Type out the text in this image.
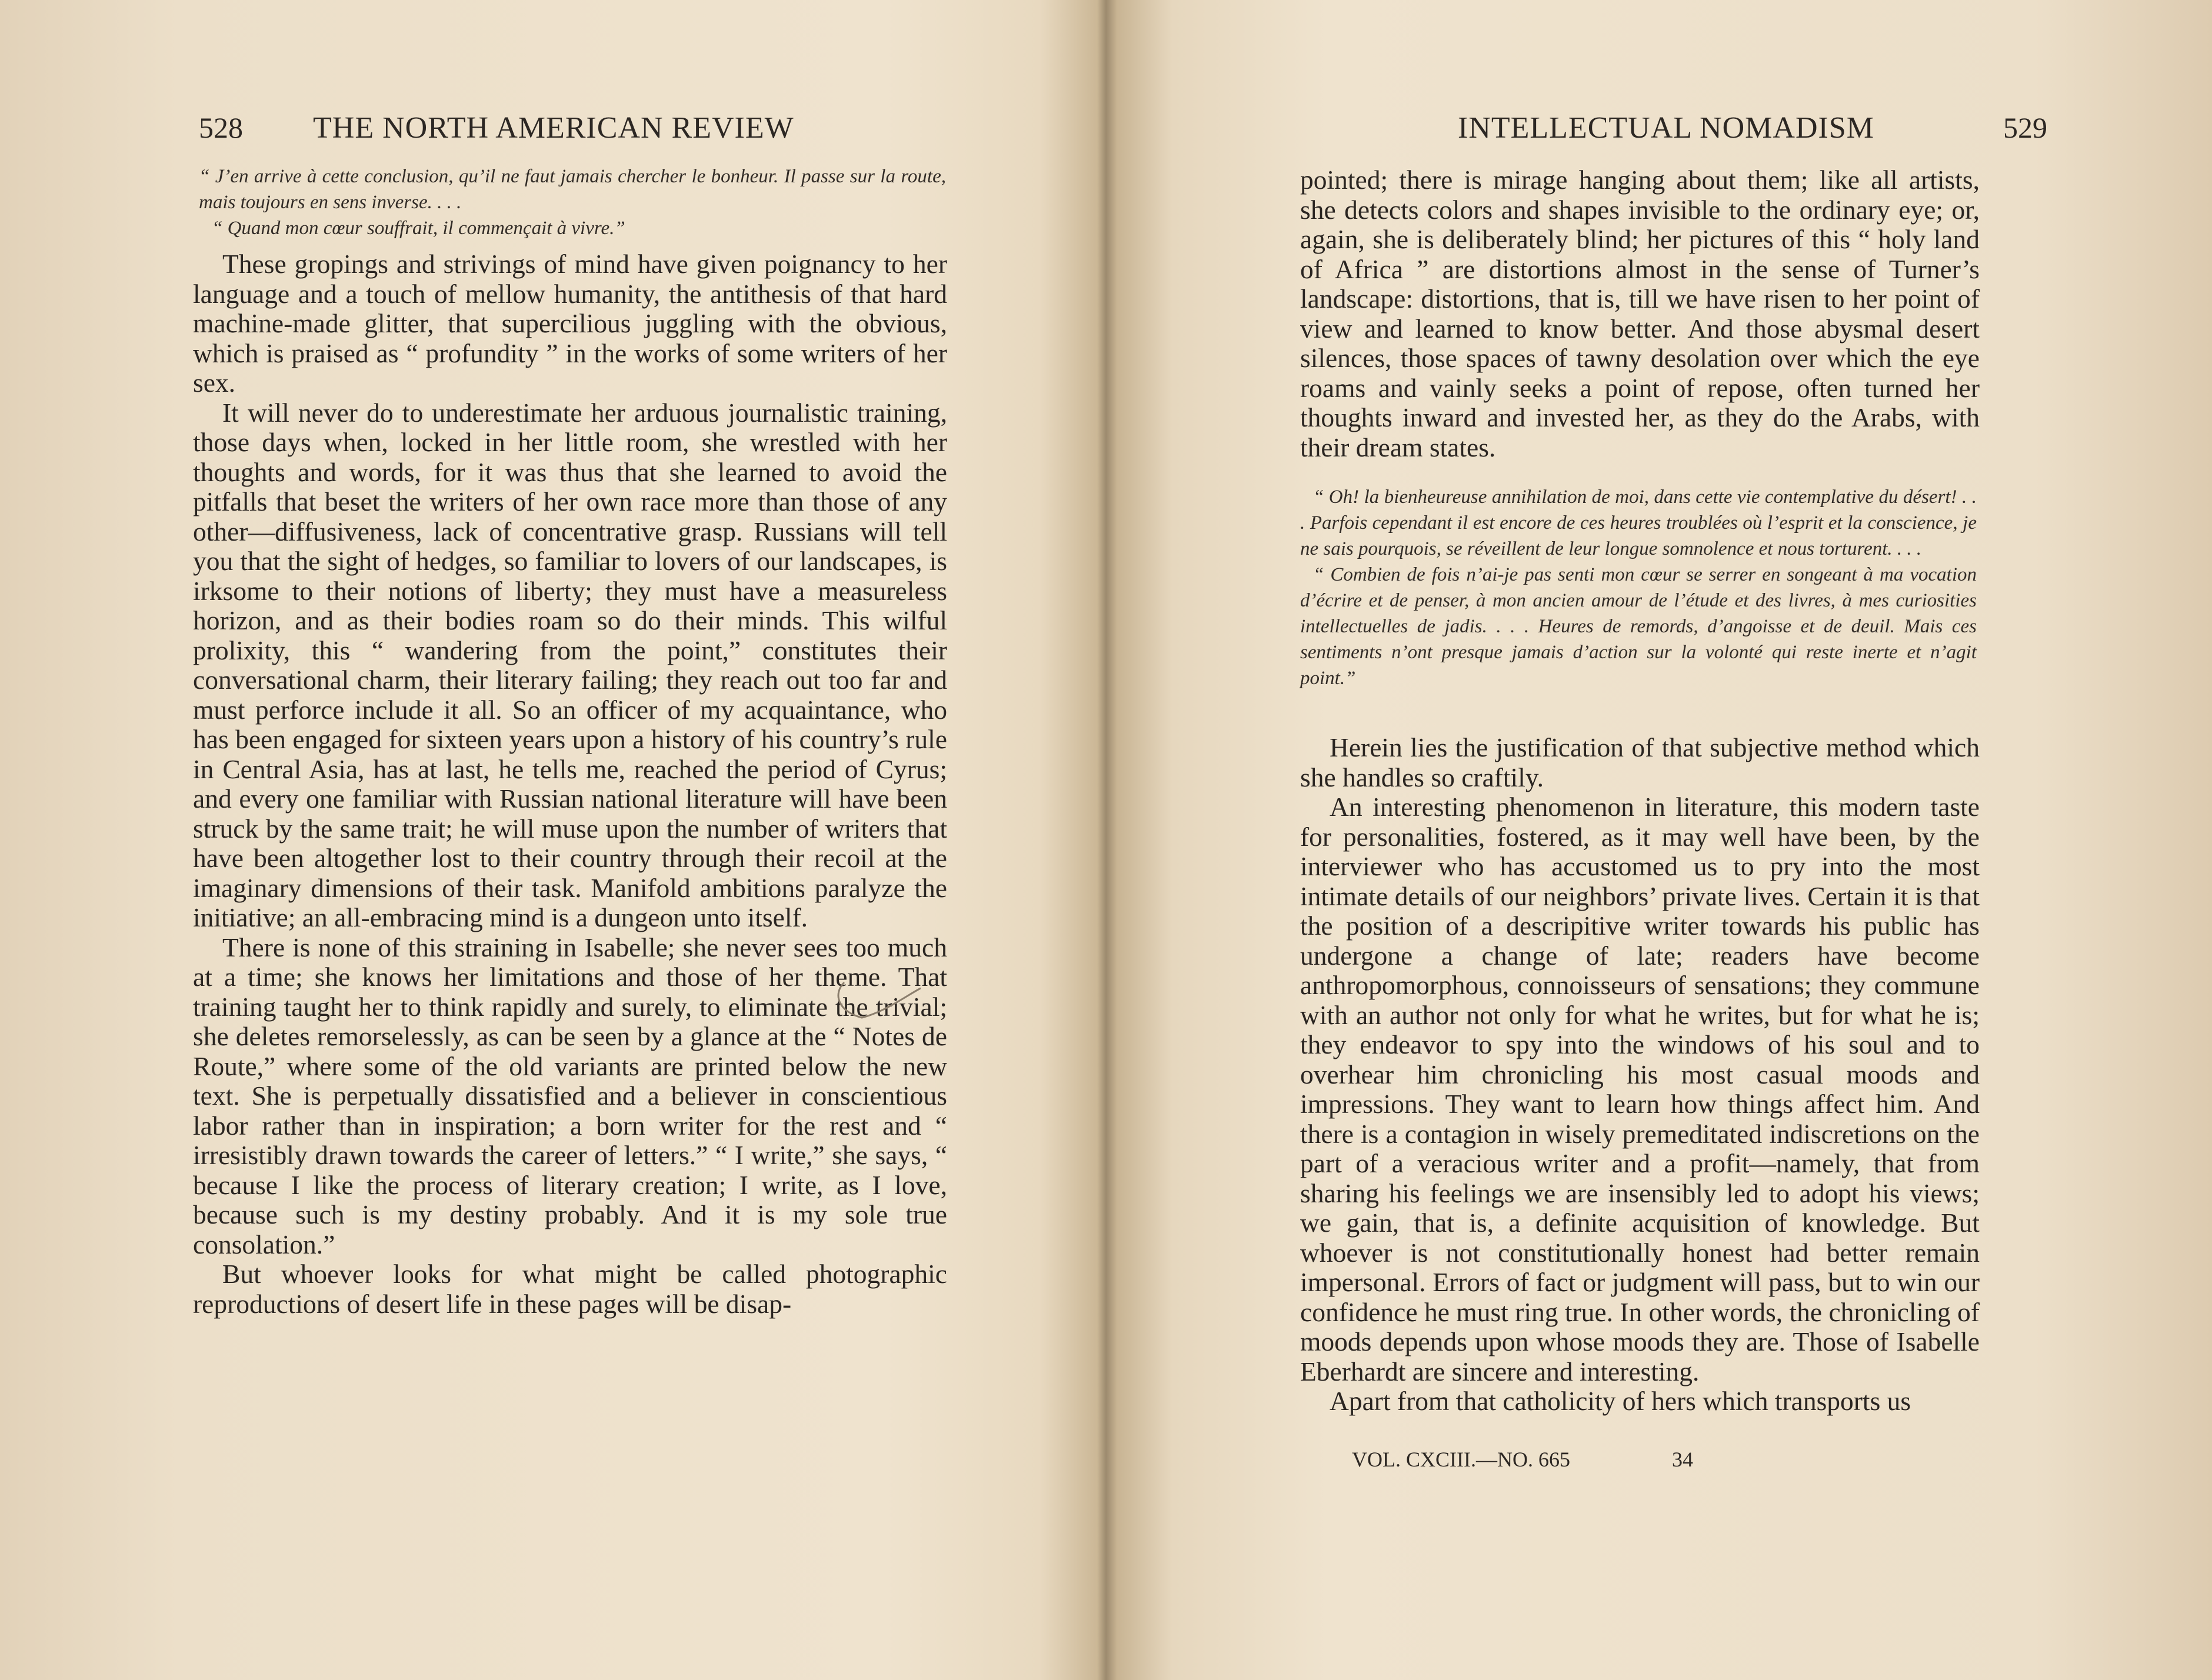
528 THE NORTH AMERICAN REVIEW

“ J’en arrive à cette conclusion, qu’il ne faut jamais chercher le bonheur. Il passe sur la route, mais toujours en sens inverse. . . .

“ Quand mon cœur souffrait, il commençait à vivre.”

These gropings and strivings of mind have given poignancy to her language and a touch of mellow humanity, the antithesis of that hard machine-made glitter, that supercilious juggling with the obvious, which is praised as “ profundity ” in the works of some writers of her sex.

It will never do to underestimate her arduous journalistic training, those days when, locked in her little room, she wrestled with her thoughts and words, for it was thus that she learned to avoid the pitfalls that beset the writers of her own race more than those of any other—diffusiveness, lack of concentrative grasp. Russians will tell you that the sight of hedges, so familiar to lovers of our landscapes, is irksome to their notions of liberty; they must have a measureless horizon, and as their bodies roam so do their minds. This wilful prolixity, this “ wandering from the point,” constitutes their conversational charm, their literary failing; they reach out too far and must perforce include it all. So an officer of my acquaintance, who has been engaged for sixteen years upon a history of his country’s rule in Central Asia, has at last, he tells me, reached the period of Cyrus; and every one familiar with Russian national literature will have been struck by the same trait; he will muse upon the number of writers that have been altogether lost to their country through their recoil at the imaginary dimensions of their task. Manifold ambitions paralyze the initiative; an all-embracing mind is a dungeon unto itself.

There is none of this straining in Isabelle; she never sees too much at a time; she knows her limitations and those of her theme. That training taught her to think rapidly and surely, to eliminate the trivial; she deletes remorselessly, as can be seen by a glance at the “ Notes de Route,” where some of the old variants are printed below the new text. She is perpetually dissatisfied and a believer in conscientious labor rather than in inspiration; a born writer for the rest and “ irresistibly drawn towards the career of letters.” “ I write,” she says, “ because I like the process of literary creation; I write, as I love, because such is my destiny probably. And it is my sole true consolation.”

But whoever looks for what might be called photographic reproductions of desert life in these pages will be disap-

INTELLECTUAL NOMADISM	529

pointed; there is mirage hanging about them; like all artists, she detects colors and shapes invisible to the ordinary eye; or, again, she is deliberately blind; her pictures of this “ holy land of Africa ” are distortions almost in the sense of Turner’s landscape: distortions, that is, till we have risen to her point of view and learned to know better. And those abysmal desert silences, those spaces of tawny desolation over which the eye roams and vainly seeks a point of repose, often turned her thoughts inward and invested her, as they do the Arabs, with their dream states.

“ Oh! la bienheureuse annihilation de moi, dans cette vie contemplative du désert! . . . Parfois cependant il est encore de ces heures troublées où l’esprit et la conscience, je ne sais pourquois, se réveillent de leur longue somnolence et nous torturent. . . .

“ Combien de fois n’ai-je pas senti mon cœur se serrer en songeant à ma vocation d’écrire et de penser, à mon ancien amour de l’étude et des livres, à mes curiosities intellectuelles de jadis. . . . Heures de remords, d’angoisse et de deuil. Mais ces sentiments n’ont presque jamais d’action sur la volonté qui reste inerte et n’agit point.”

Herein lies the justification of that subjective method which she handles so craftily.

An interesting phenomenon in literature, this modern taste for personalities, fostered, as it may well have been, by the interviewer who has accustomed us to pry into the most intimate details of our neighbors’ private lives. Certain it is that the position of a descripitive writer towards his public has undergone a change of late; readers have become anthropomorphous, connoisseurs of sensations; they commune with an author not only for what he writes, but for what he is; they endeavor to spy into the windows of his soul and to overhear him chronicling his most casual moods and impressions. They want to learn how things affect him. And there is a contagion in wisely premeditated indiscretions on the part of a veracious writer and a profit—namely, that from sharing his feelings we are insensibly led to adopt his views; we gain, that is, a definite acquisition of knowledge. But whoever is not constitutionally honest had better remain impersonal. Errors of fact or judgment will pass, but to win our confidence he must ring true. In other words, the chronicling of moods depends upon whose moods they are. Those of Isabelle Eberhardt are sincere and interesting.

Apart from that catholicity of hers which transports us

VOL. CXCIII.—NO. 665	34
